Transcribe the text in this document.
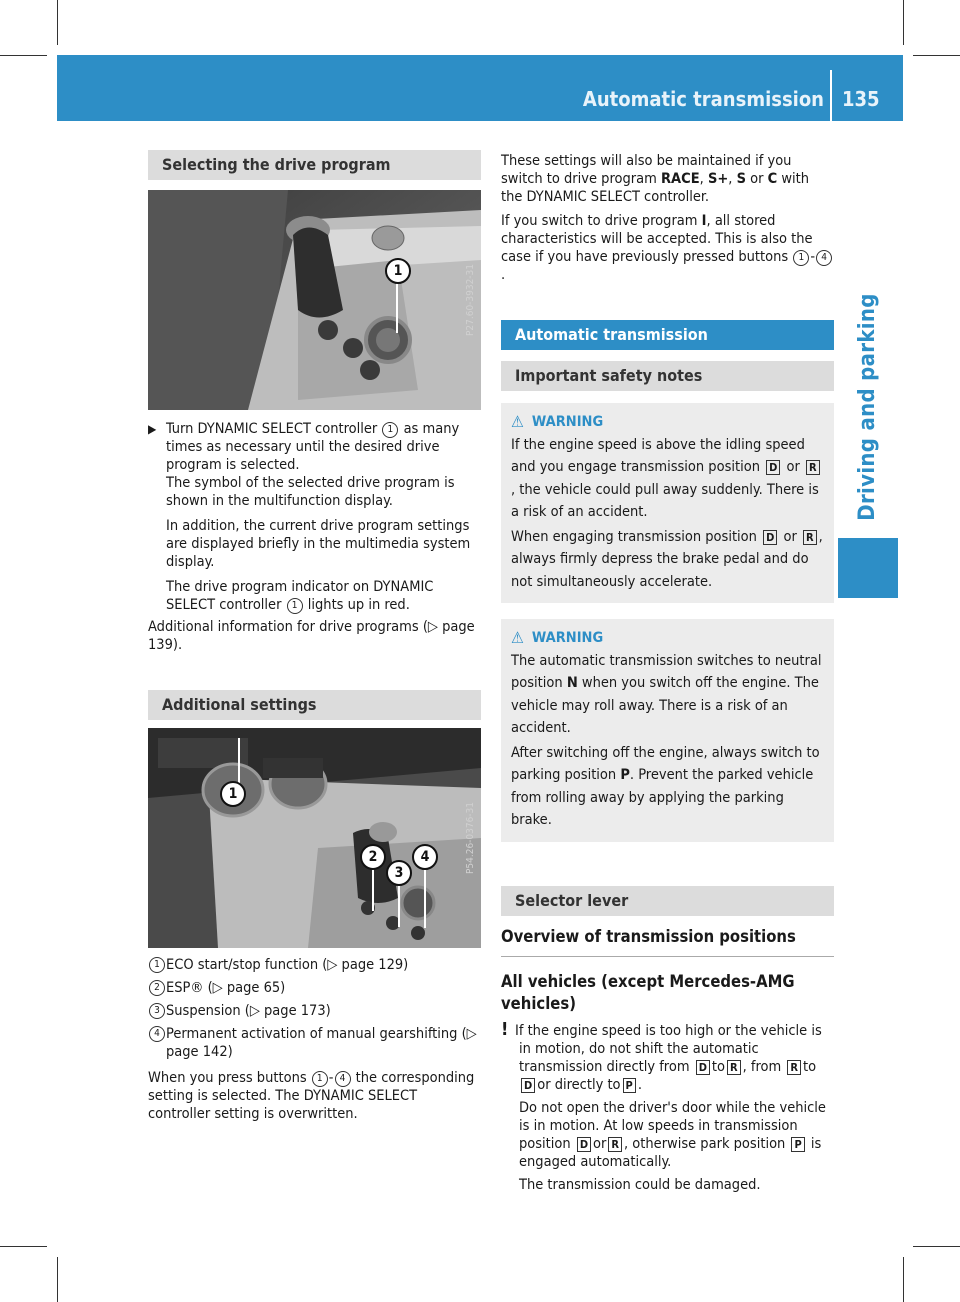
Automatic transmission 135
Driving and parking
Selecting the drive program
1	P27.60-3932-31
▶ Turn DYNAMIC SELECT controller 1 as many times as necessary until the desired drive program is selected.

The symbol of the selected drive program is shown in the multifunction display.

In addition, the current drive program settings are displayed briefly in the multimedia system display.

The drive program indicator on DYNAMIC SELECT controller 1 lights up in red.

Additional information for drive programs (▷ page 139).

Additional settings
1
2
3
4	P54.26-0376-31
1 ECO start/stop function (▷ page 129)
2 ESP® (▷ page 65)
3 Suspension (▷ page 173)
4 Permanent activation of manual gearshifting (▷ page 142)

When you press buttons 1 - 4 the corresponding setting is selected. The DYNAMIC SELECT controller setting is overwritten.

These settings will also be maintained if you switch to drive program RACE, S+, S or C with the DYNAMIC SELECT controller.

If you switch to drive program I, all stored characteristics will be accepted. This is also the case if you have previously pressed buttons 1 - 4.

Automatic transmission
Important safety notes
⚠ WARNING

If the engine speed is above the idling speed and you engage transmission position D or R, the vehicle could pull away suddenly. There is a risk of an accident.

When engaging transmission position D or R , always firmly depress the brake pedal and do not simultaneously accelerate.

⚠ WARNING

The automatic transmission switches to neutral position N when you switch off the engine. The vehicle may roll away. There is a risk of an accident.

After switching off the engine, always switch to parking position P. Prevent the parked vehicle from rolling away by applying the parking brake.

Selector lever
Overview of transmission positions
All vehicles (except Mercedes-AMG vehicles)

! If the engine speed is too high or the vehicle is in motion, do not shift the automatic transmission directly from D to R , from R toD or directly to P .

Do not open the driver's door while the vehicle is in motion. At low speeds in transmission position D or R , otherwise park position P is engaged automatically.

The transmission could be damaged.
